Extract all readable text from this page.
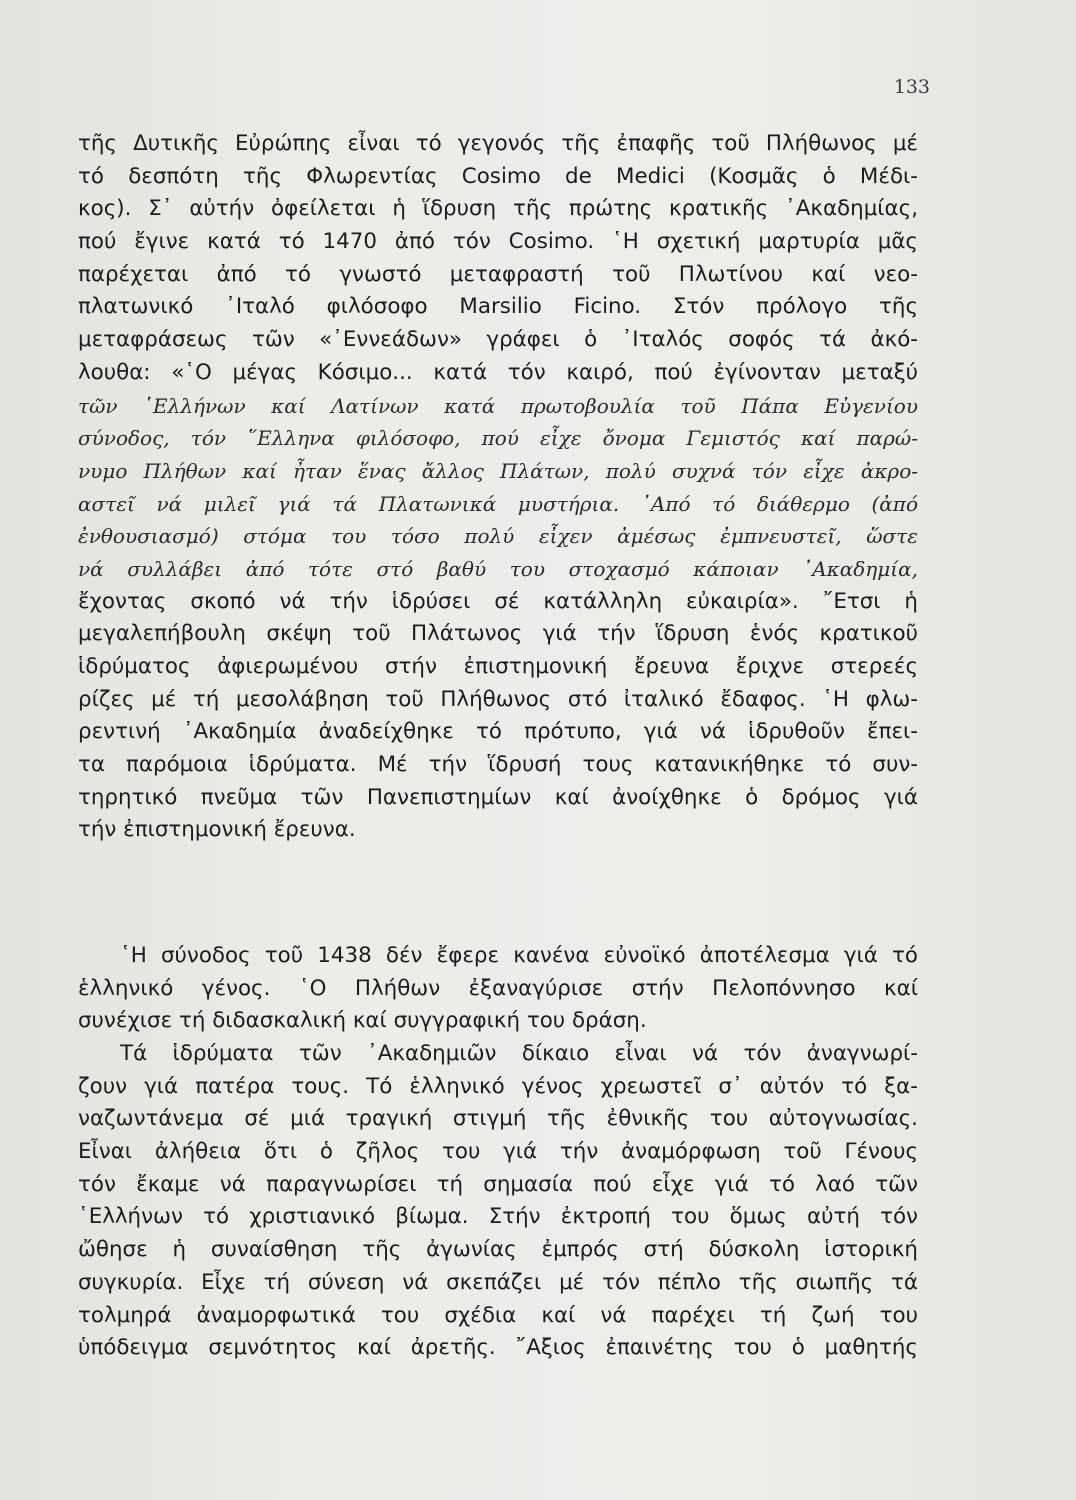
133
τῆς Δυτικῆς Εὐρώπης εἶναι τό γεγονός τῆς ἐπαφῆς τοῦ Πλήθωνος μέ
τό δεσπότη τῆς Φλωρεντίας Cosimo de Medici (Κοσμᾶς ὁ Μέδι-
κος). Σ᾿ αὐτήν ὀφείλεται ἡ ἵδρυση τῆς πρώτης κρατικῆς ᾿Ακαδημίας,
πού ἔγινε κατά τό 1470 ἀπό τόν Cosimo. ῾Η σχετική μαρτυρία μᾶς
παρέχεται ἀπό τό γνωστό μεταφραστή τοῦ Πλωτίνου καί νεο-
πλατωνικό ᾿Ιταλό φιλόσοφο Marsilio Ficino. Στόν πρόλογο τῆς
μεταφράσεως τῶν «᾿Εννεάδων» γράφει ὁ ᾿Ιταλός σοφός τά ἀκό-
λουθα: «῾Ο μέγας Κόσιμο... κατά τόν καιρό, πού ἐγίνονταν μεταξύ
τῶν ῾Ελλήνων καί Λατίνων κατά πρωτοβουλία τοῦ Πάπα Εὐγενίου
σύνοδος, τόν ῞Ελληνα φιλόσοφο, πού εἶχε ὄνομα Γεμιστός καί παρώ-
νυμο Πλήθων καί ἦταν ἕνας ἄλλος Πλάτων, πολύ συχνά τόν εἶχε ἀκρο-
αστεῖ νά μιλεῖ γιά τά Πλατωνικά μυστήρια. ᾿Από τό διάθερμο (ἀπό
ἐνθουσιασμό) στόμα του τόσο πολύ εἶχεν ἀμέσως ἐμπνευστεῖ, ὥστε
νά συλλάβει ἀπό τότε στό βαθύ του στοχασμό κάποιαν ᾿Ακαδημία,
ἔχοντας σκοπό νά τήν ἱδρύσει σέ κατάλληλη εὐκαιρία». ῎Ετσι ἡ
μεγαλεπήβουλη σκέψη τοῦ Πλάτωνος γιά τήν ἵδρυση ἑνός κρατικοῦ
ἱδρύματος ἀφιερωμένου στήν ἐπιστημονική ἔρευνα ἔριχνε στερεές
ρίζες μέ τή μεσολάβηση τοῦ Πλήθωνος στό ἰταλικό ἔδαφος. ῾Η φλω-
ρεντινή ᾿Ακαδημία ἀναδείχθηκε τό πρότυπο, γιά νά ἱδρυθοῦν ἔπει-
τα παρόμοια ἱδρύματα. Μέ τήν ἵδρυσή τους κατανικήθηκε τό συν-
τηρητικό πνεῦμα τῶν Πανεπιστημίων καί ἀνοίχθηκε ὁ δρόμος γιά
τήν ἐπιστημονική ἔρευνα.
῾Η σύνοδος τοῦ 1438 δέν ἔφερε κανένα εὐνοϊκό ἀποτέλεσμα γιά τό
ἑλληνικό γένος. ῾Ο Πλήθων ἐξαναγύρισε στήν Πελοπόννησο καί
συνέχισε τή διδασκαλική καί συγγραφική του δράση.
Τά ἱδρύματα τῶν ᾿Ακαδημιῶν δίκαιο εἶναι νά τόν ἀναγνωρί-
ζουν γιά πατέρα τους. Τό ἑλληνικό γένος χρεωστεῖ σ᾿ αὐτόν τό ξα-
ναζωντάνεμα σέ μιά τραγική στιγμή τῆς ἐθνικῆς του αὐτογνωσίας.
Εἶναι ἀλήθεια ὅτι ὁ ζῆλος του γιά τήν ἀναμόρφωση τοῦ Γένους
τόν ἔκαμε νά παραγνωρίσει τή σημασία πού εἶχε γιά τό λαό τῶν
῾Ελλήνων τό χριστιανικό βίωμα. Στήν ἐκτροπή του ὅμως αὐτή τόν
ὤθησε ἡ συναίσθηση τῆς ἀγωνίας ἐμπρός στή δύσκολη ἱστορική
συγκυρία. Εἶχε τή σύνεση νά σκεπάζει μέ τόν πέπλο τῆς σιωπῆς τά
τολμηρά ἀναμορφωτικά του σχέδια καί νά παρέχει τή ζωή του
ὑπόδειγμα σεμνότητος καί ἀρετῆς. ῎Αξιος ἐπαινέτης του ὁ μαθητής
